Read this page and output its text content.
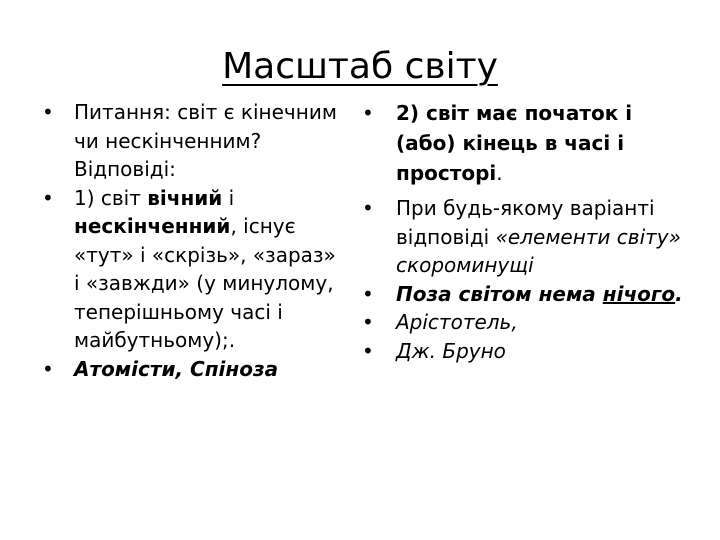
Масштаб світу
• Питання: світ є кінечним чи нескінченним? Відповіді:
• 1) світ вічний і нескінченний, існує «тут» і «скрізь», «зараз» і «завжди» (у минулому, теперішньому часі і майбутньому);.
• Атомісти, Спіноза
• 2) світ має початок і (або) кінець в часі і просторі.
• При будь-якому варіанті відповіді «елементи світу» скороминущі
• Поза світом нема нічого.
• Арістотель,
• Дж. Бруно
